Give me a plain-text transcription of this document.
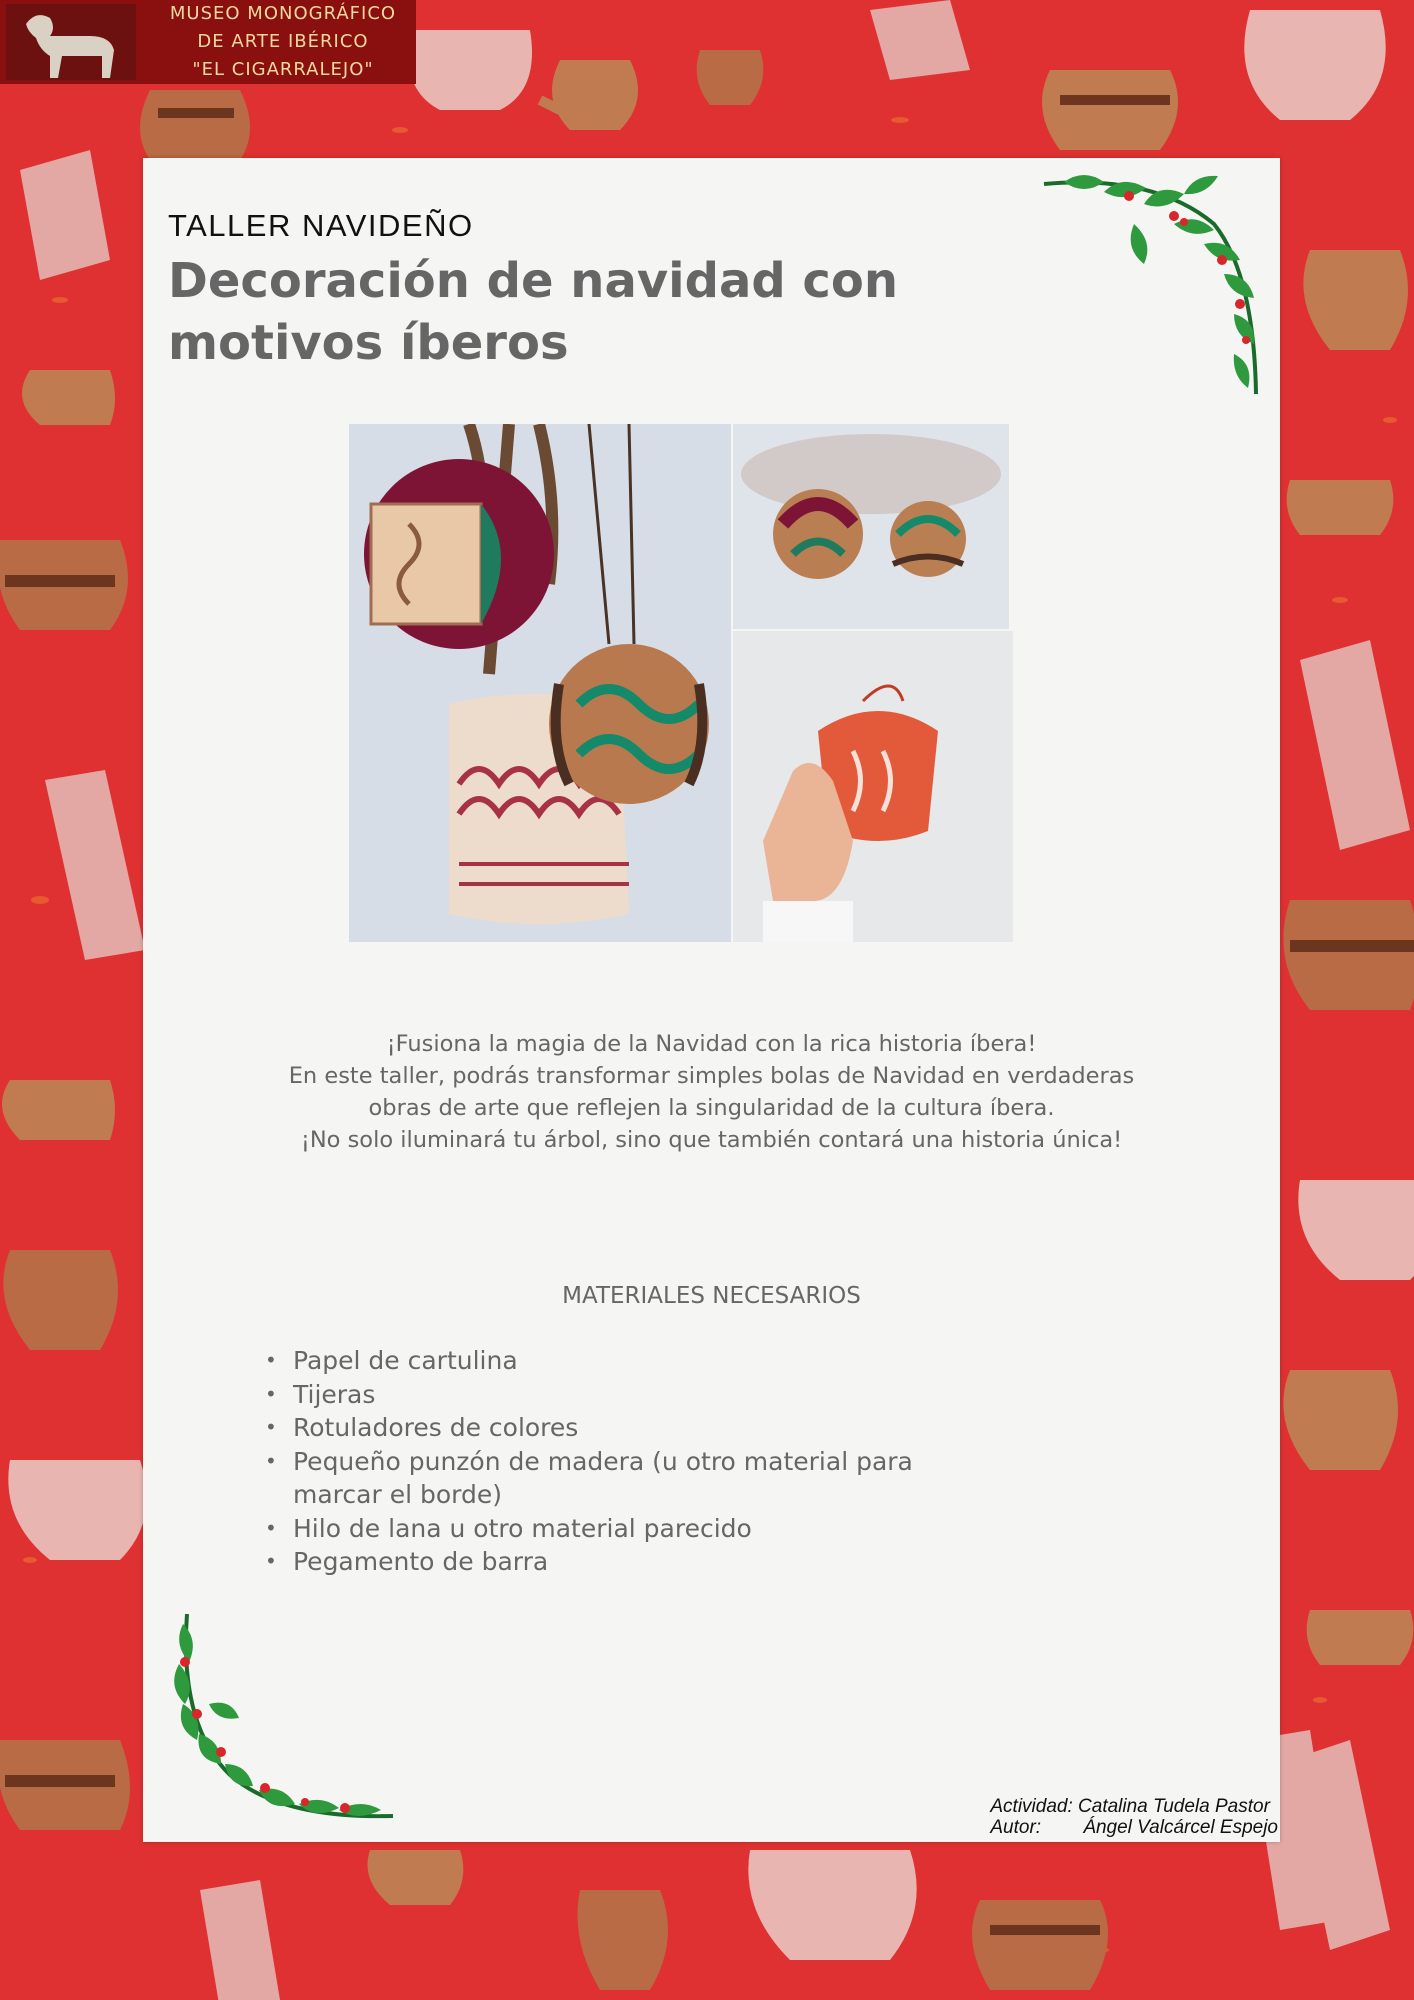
MUSEO MONOGRÁFICO
DE ARTE IBÉRICO
"EL CIGARRALEJO"
TALLER NAVIDEÑO
Decoración de navidad con motivos íberos
¡Fusiona la magia de la Navidad con la rica historia íbera!
En este taller, podrás transformar simples bolas de Navidad en verdaderas
obras de arte que reflejen la singularidad de la cultura íbera.
¡No solo iluminará tu árbol, sino que también contará una historia única!
MATERIALES NECESARIOS
• Papel de cartulina
• Tijeras
• Rotuladores de colores
• Pequeño punzón de madera (u otro material para marcar el borde)
• Hilo de lana u otro material parecido
• Pegamento de barra
Actividad: Catalina Tudela Pastor
Autor: Ángel Valcárcel Espejo
